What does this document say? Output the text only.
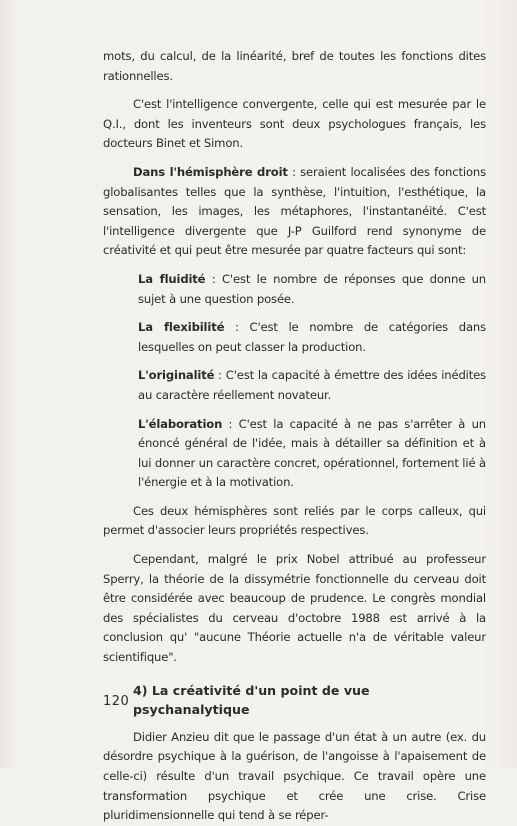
mots, du calcul, de la linéarité, bref de toutes les fonctions dites rationnelles.

C'est l'intelligence convergente, celle qui est mesurée par le Q.I., dont les inventeurs sont deux psychologues français, les docteurs Binet et Simon.

Dans l'hémisphère droit : seraient localisées des fonctions globalisantes telles que la synthèse, l'intuition, l'esthétique, la sensation, les images, les métaphores, l'instantanéité. C'est l'intelligence divergente que J-P Guilford rend synonyme de créativité et qui peut être mesurée par quatre facteurs qui sont:

La fluidité : C'est le nombre de réponses que donne un sujet à une question posée.

La flexibilité : C'est le nombre de catégories dans lesquelles on peut classer la production.

L'originalité : C'est la capacité à émettre des idées inédites au caractère réellement novateur.

L'élaboration : C'est la capacité à ne pas s'arrêter à un énoncé général de l'idée, mais à détailler sa définition et à lui donner un caractère concret, opérationnel, fortement lié à l'énergie et à la motivation.

Ces deux hémisphères sont reliés par le corps calleux, qui permet d'associer leurs propriétés respectives.

Cependant, malgré le prix Nobel attribué au professeur Sperry, la théorie de la dissymétrie fonctionnelle du cerveau doit être considérée avec beaucoup de prudence. Le congrès mondial des spécialistes du cerveau d'octobre 1988 est arrivé à la conclusion qu' "aucune Théorie actuelle n'a de véritable valeur scientifique".

4) La créativité d'un point de vue psychanalytique

Didier Anzieu dit que le passage d'un état à un autre (ex. du désordre psychique à la guérison, de l'angoisse à l'apaisement de celle-ci) résulte d'un travail psychique. Ce travail opère une transformation psychique et crée une crise. Crise pluridimensionnelle qui tend à se réper-

120
